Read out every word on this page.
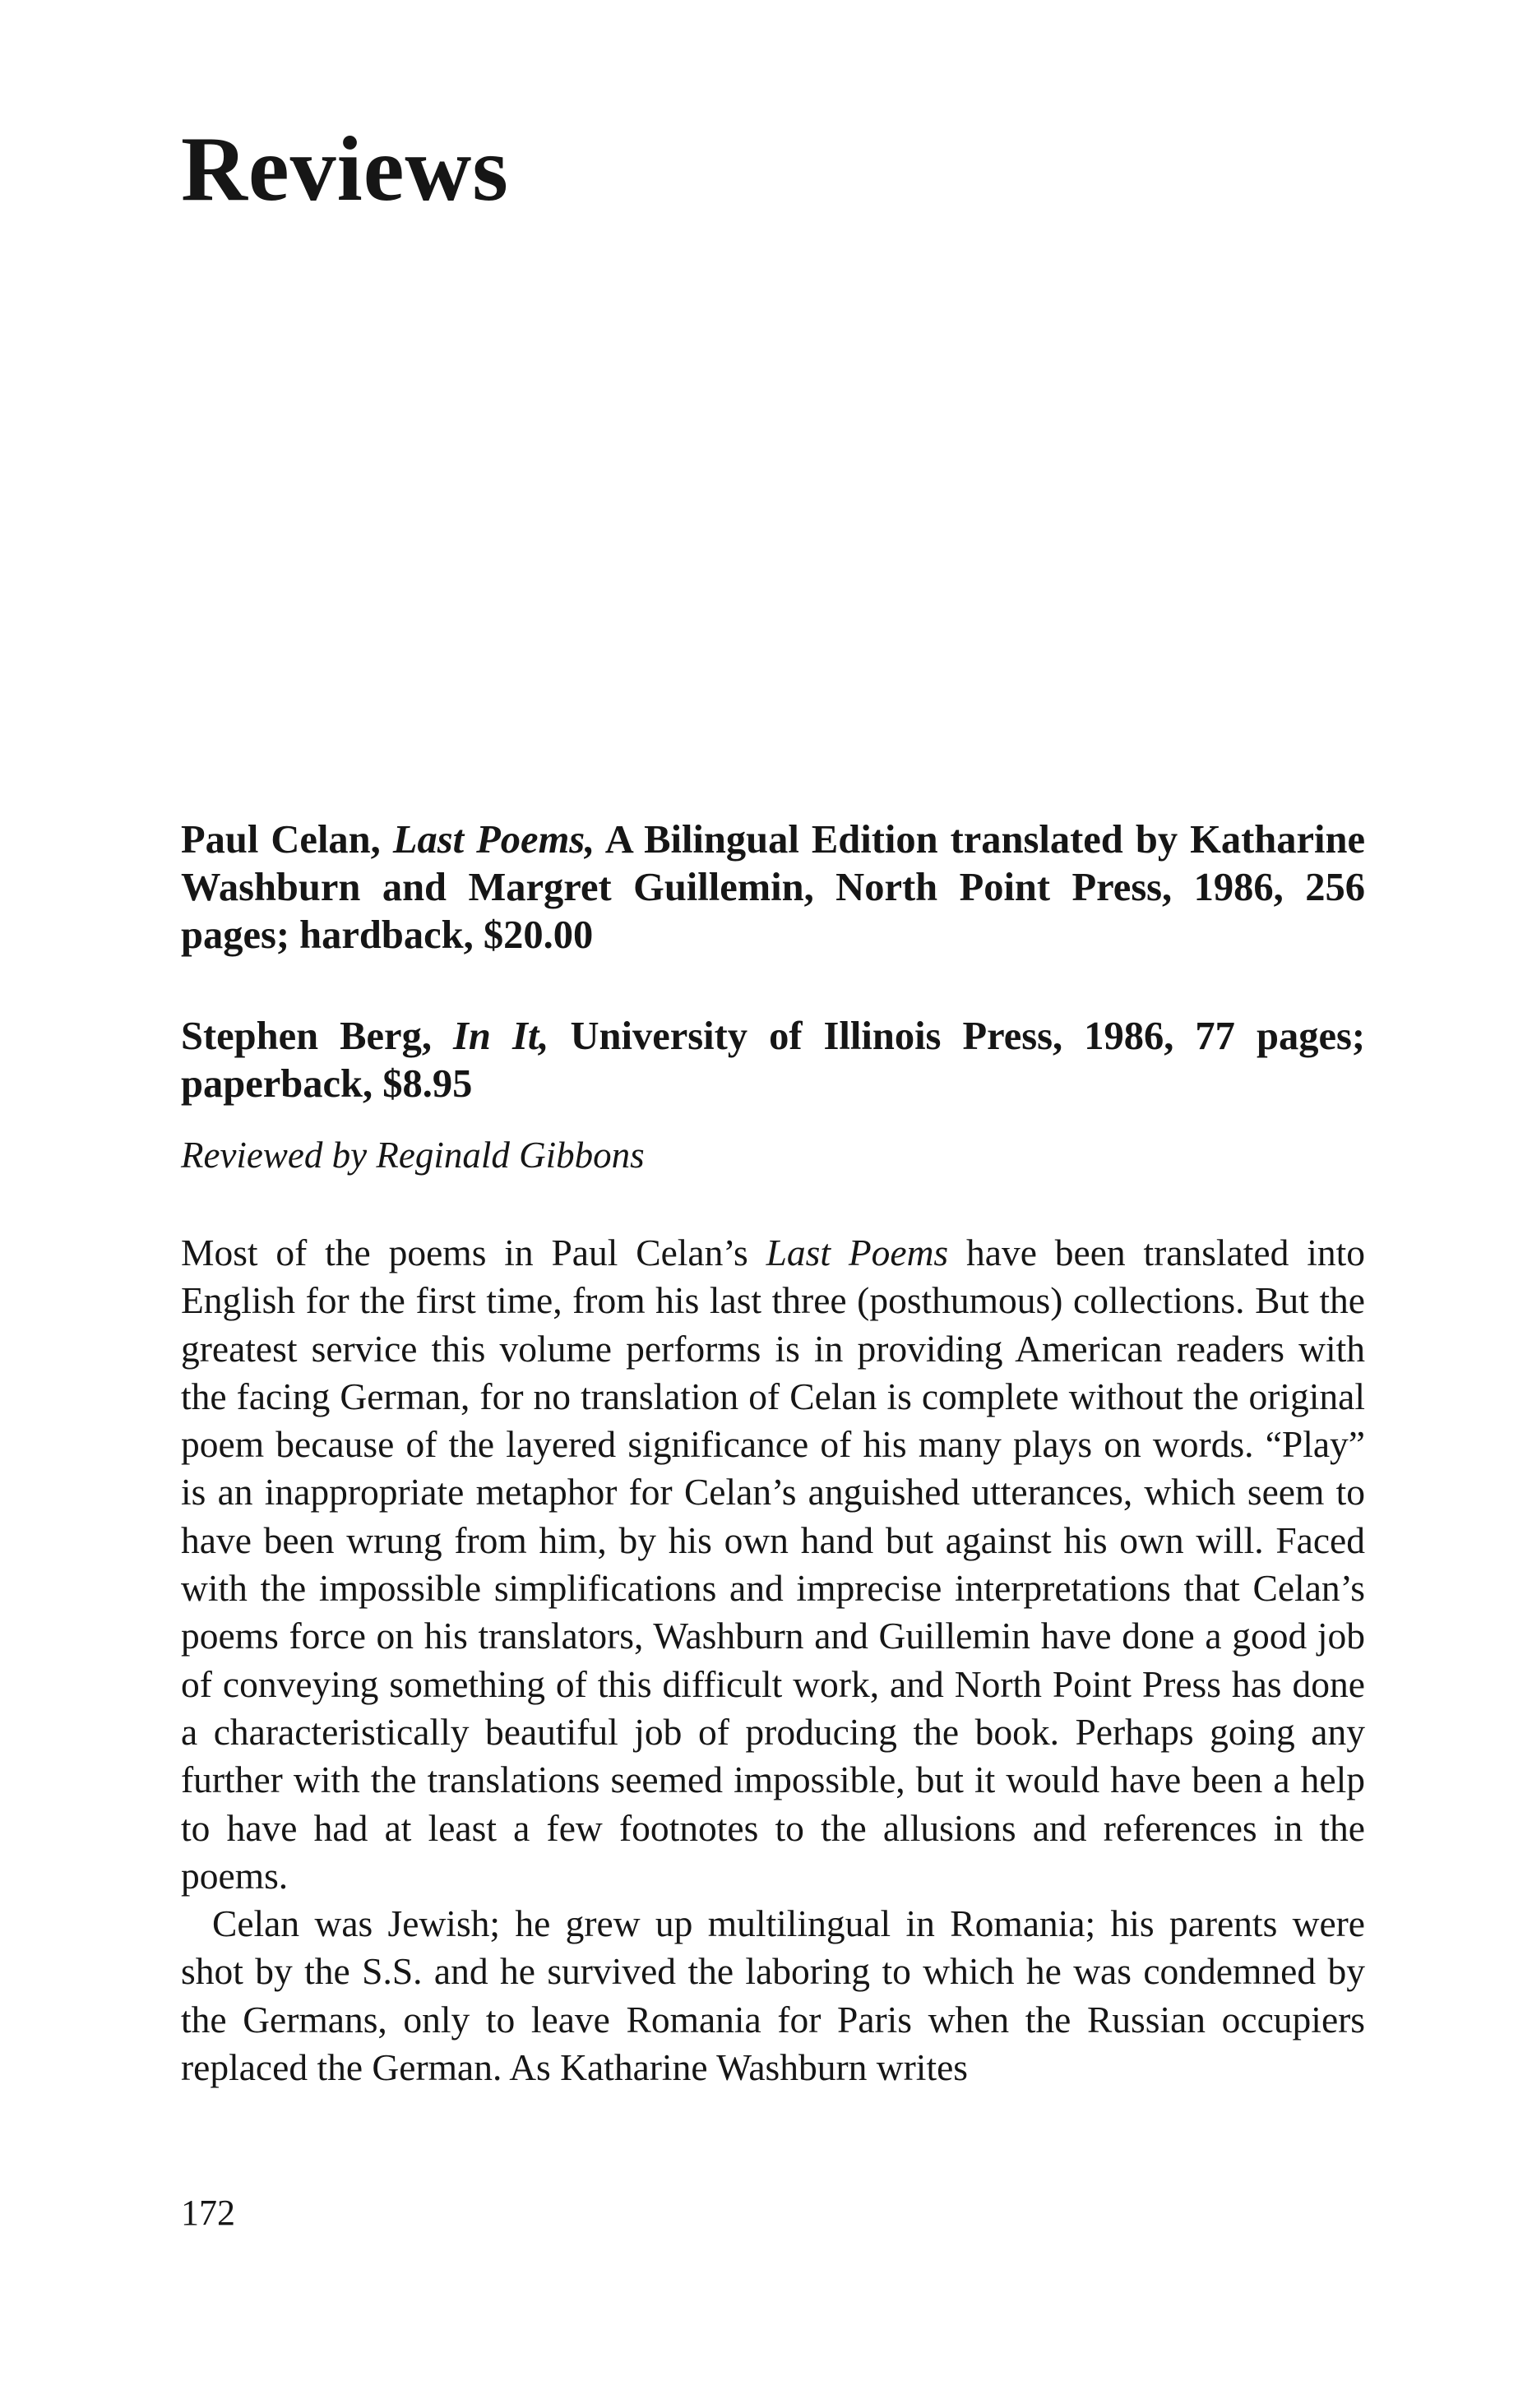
Reviews

Paul Celan, Last Poems, A Bilingual Edition translated by Katharine Washburn and Margret Guillemin, North Point Press, 1986, 256 pages; hardback, $20.00

Stephen Berg, In It, University of Illinois Press, 1986, 77 pages; paperback, $8.95

Reviewed by Reginald Gibbons

Most of the poems in Paul Celan’s Last Poems have been translated into English for the first time, from his last three (posthumous) collections. But the greatest service this volume performs is in providing American readers with the facing German, for no translation of Celan is complete without the original poem because of the layered significance of his many plays on words. “Play” is an inappropriate metaphor for Celan’s anguished utterances, which seem to have been wrung from him, by his own hand but against his own will. Faced with the impossible simplifications and imprecise interpretations that Celan’s poems force on his translators, Washburn and Guillemin have done a good job of conveying something of this difficult work, and North Point Press has done a characteristically beautiful job of producing the book. Perhaps going any further with the translations seemed impossible, but it would have been a help to have had at least a few footnotes to the allusions and references in the poems.

Celan was Jewish; he grew up multilingual in Romania; his parents were shot by the S.S. and he survived the laboring to which he was condemned by the Germans, only to leave Romania for Paris when the Russian occupiers replaced the German. As Katharine Washburn writes

172
